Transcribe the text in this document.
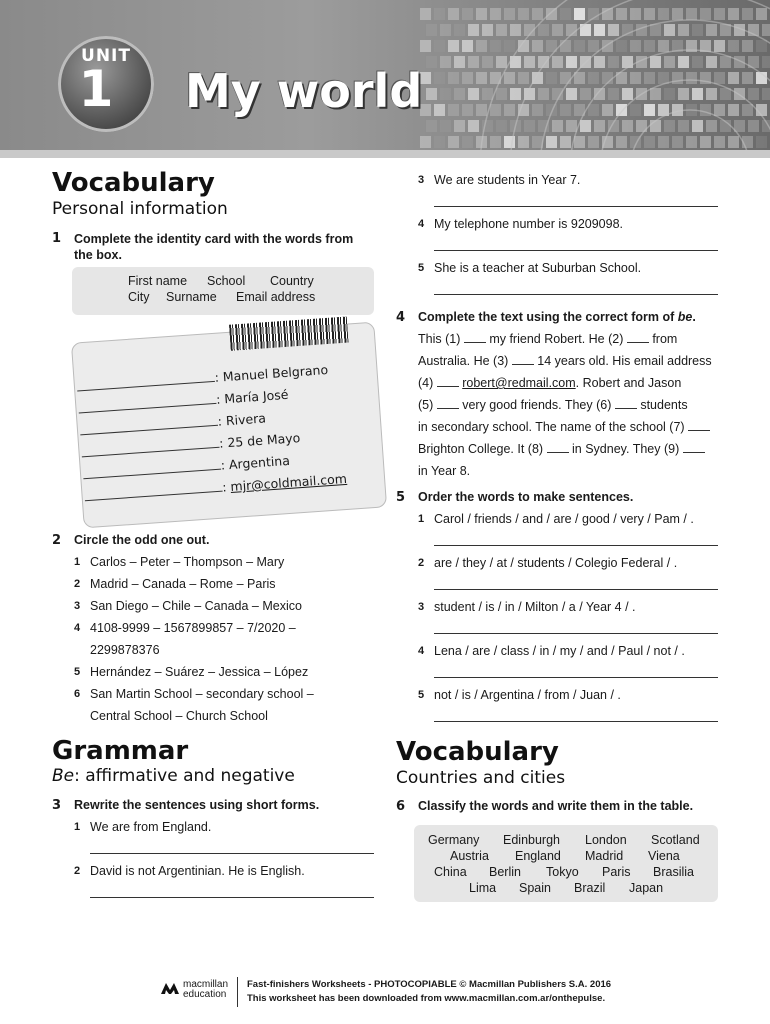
UNIT
1	My world
Vocabulary
Personal information
1 Complete the identity card with the words from the box.
First name School Country
City Surname Email address
: Manuel Belgrano
: María José
: Rivera
: 25 de Mayo
: Argentina
: mjr@coldmail.com
2 Circle the odd one out.
1 Carlos – Peter – Thompson – Mary
2 Madrid – Canada – Rome – Paris
3 San Diego – Chile – Canada – Mexico
4 4108-9999 – 1567899857 – 7/2020 –
2299878376
5 Hernández – Suárez – Jessica – López
6 San Martin School – secondary school –
Central School – Church School
Grammar
Be: affirmative and negative
3 Rewrite the sentences using short forms.
1 We are from England.
2 David is not Argentinian. He is English.
3 We are students in Year 7.
4 My telephone number is 9209098.
5 She is a teacher at Suburban School.
4 Complete the text using the correct form of be.
This (1)  my friend Robert. He (2)  from
Australia. He (3)  14 years old. His email address
(4)  robert@redmail.com. Robert and Jason
(5)  very good friends. They (6)  students
in secondary school. The name of the school (7)
Brighton College. It (8)  in Sydney. They (9)
in Year 8.
5 Order the words to make sentences.
1 Carol / friends / and / are / good / very / Pam / .
2 are / they / at / students / Colegio Federal / .
3 student / is / in / Milton / a / Year 4 / .
4 Lena / are / class / in / my / and / Paul / not / .
5 not / is / Argentina / from / Juan / .
Vocabulary
Countries and cities
6 Classify the words and write them in the table.
Germany Edinburgh London Scotland
Austria England Madrid Viena
China Berlin Tokyo Paris Brasilia
Lima Spain Brazil Japan
macmillan
education
Fast-finishers Worksheets - PHOTOCOPIABLE © Macmillan Publishers S.A. 2016
This worksheet has been downloaded from www.macmillan.com.ar/onthepulse.
